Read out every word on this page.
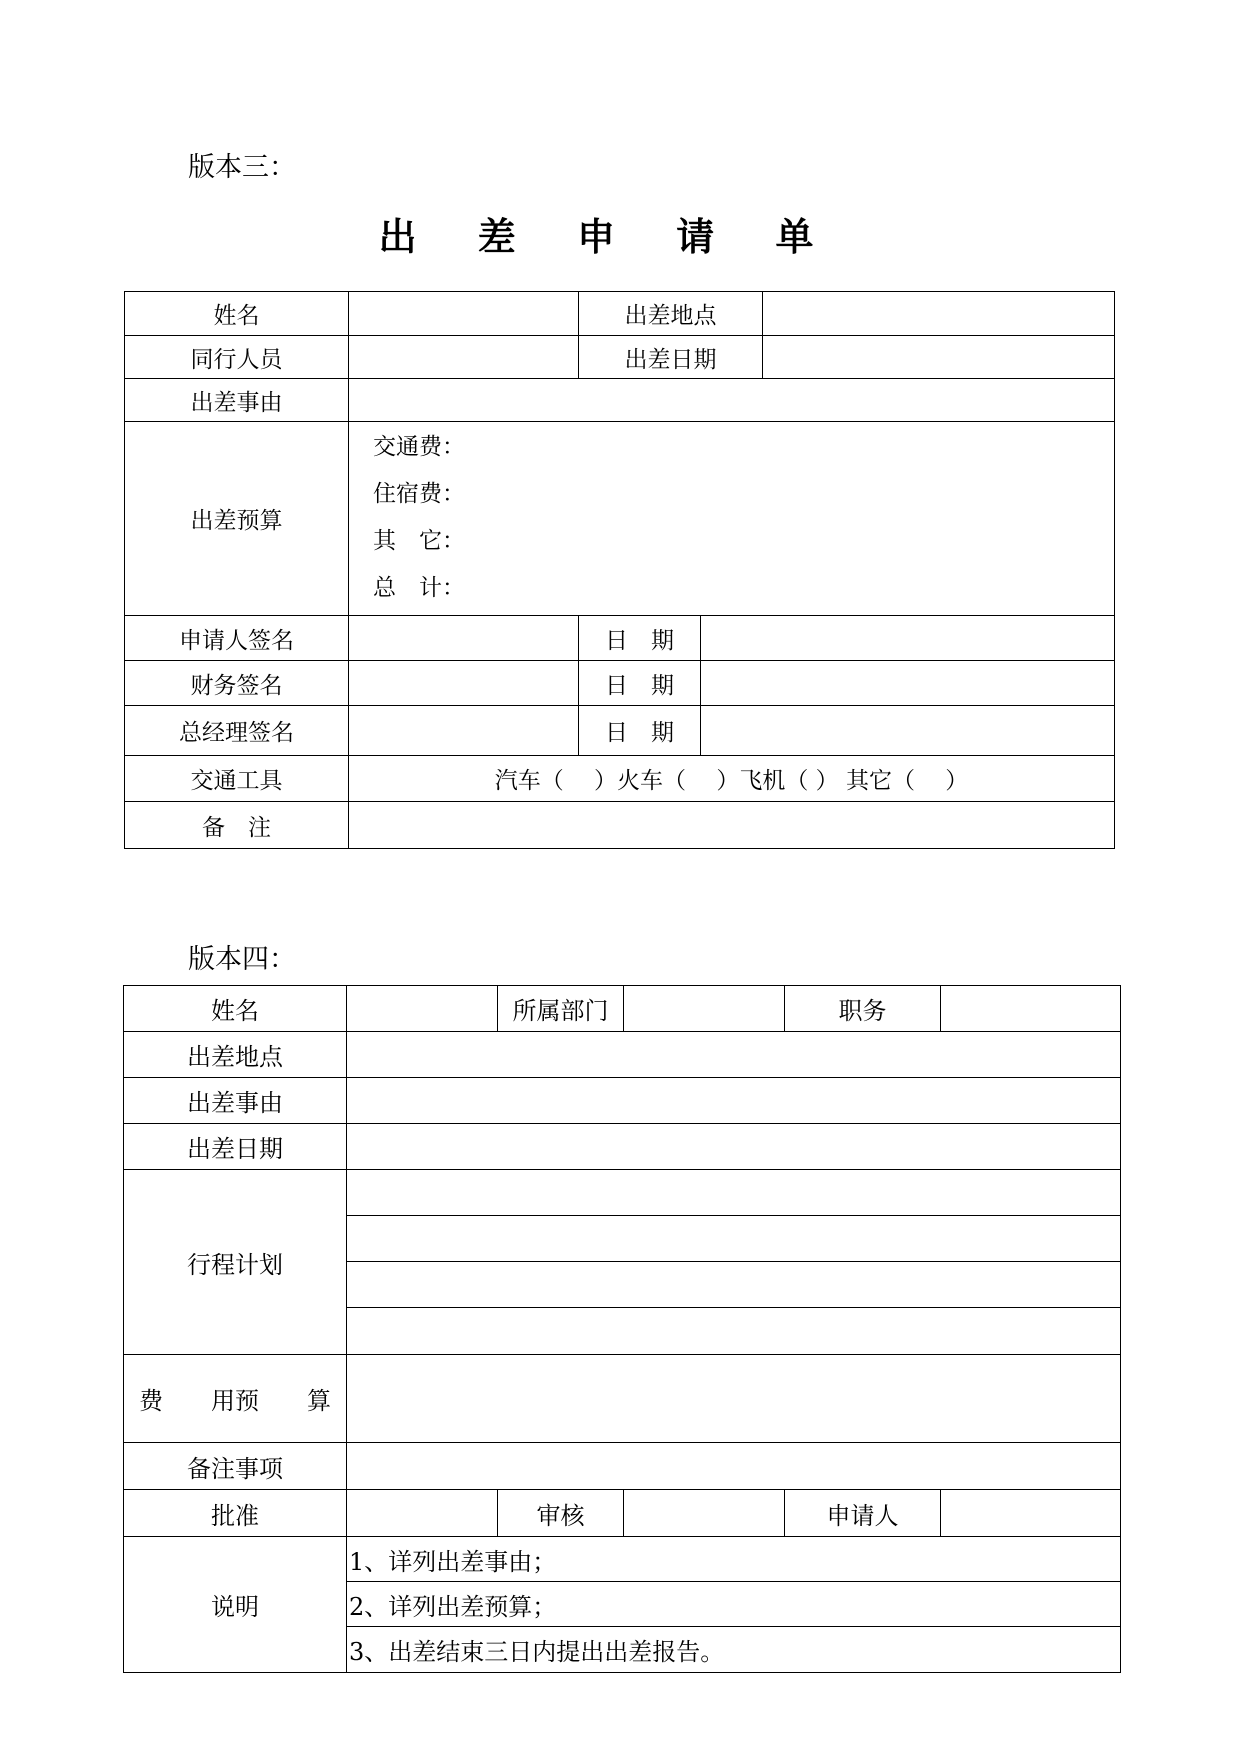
版本三：
出 差 申 请 单
姓名		出差地点		
同行人员		出差日期		
出差事由				
出差预算	交通费：
住宿费：
其　它：
总　计：			

申请人签名		日　期		
财务签名		日　期		
总经理签名		日　期		
交通工具	汽车（　 ）火车（　 ）飞机（ ） 其它（　 ）			
备　注				
版本四：
姓名		所属部门		职务	
出差地点					
出差事由					
出差日期					
行程计划					

费　　用预　　算					
备注事项					
批准		审核		申请人	
说明	1、详列出差事由；				
	2、详列出差预算；				
	3、出差结束三日内提出出差报告。				
